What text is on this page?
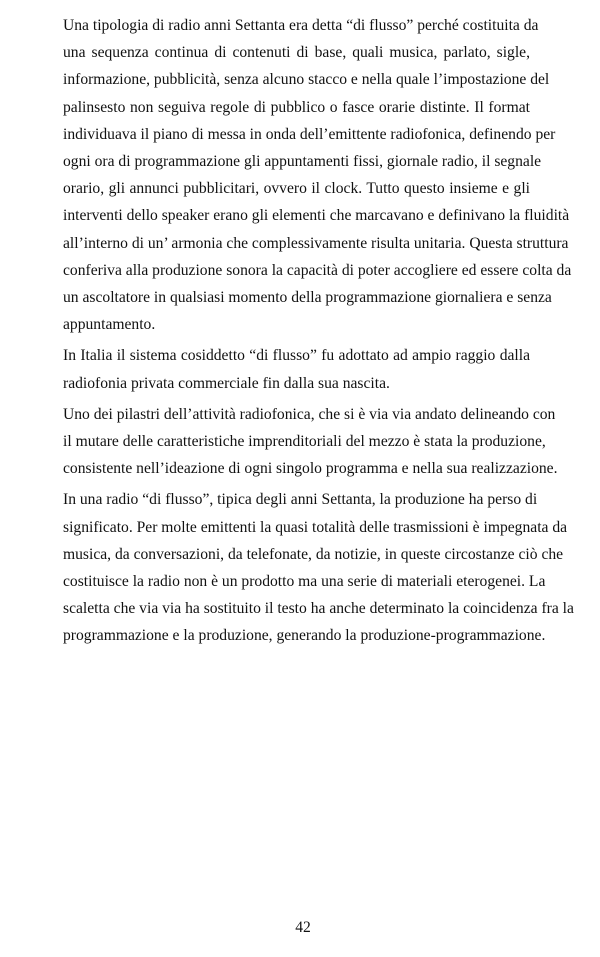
Una tipologia di radio anni Settanta era detta “di flusso” perché costituita da
una sequenza continua di contenuti di base, quali musica, parlato, sigle,
informazione, pubblicità, senza alcuno stacco e nella quale l’impostazione del
palinsesto non seguiva regole di pubblico o fasce orarie distinte. Il format
individuava il piano di messa in onda dell’emittente radiofonica, definendo per
ogni ora di programmazione gli appuntamenti fissi, giornale radio, il segnale
orario, gli annunci pubblicitari, ovvero il clock. Tutto questo insieme e gli
interventi dello speaker erano gli elementi che marcavano e definivano la fluidità
all’interno di un’ armonia che complessivamente risulta unitaria. Questa struttura
conferiva alla produzione sonora la capacità di poter accogliere ed essere colta da
un ascoltatore in qualsiasi momento della programmazione giornaliera e senza
appuntamento.

In Italia il sistema cosiddetto “di flusso” fu adottato ad ampio raggio dalla
radiofonia privata commerciale fin dalla sua nascita.

Uno dei pilastri dell’attività radiofonica, che si è via via andato delineando con
il mutare delle caratteristiche imprenditoriali del mezzo è stata la produzione,
consistente nell’ideazione di ogni singolo programma e nella sua realizzazione.

In una radio “di flusso”, tipica degli anni Settanta, la produzione ha perso di
significato. Per molte emittenti la quasi totalità delle trasmissioni è impegnata da
musica, da conversazioni, da telefonate, da notizie, in queste circostanze ciò che
costituisce la radio non è un prodotto ma una serie di materiali eterogenei. La
scaletta che via via ha sostituito il testo ha anche determinato la coincidenza fra la
programmazione e la produzione, generando la produzione-programmazione.

42
